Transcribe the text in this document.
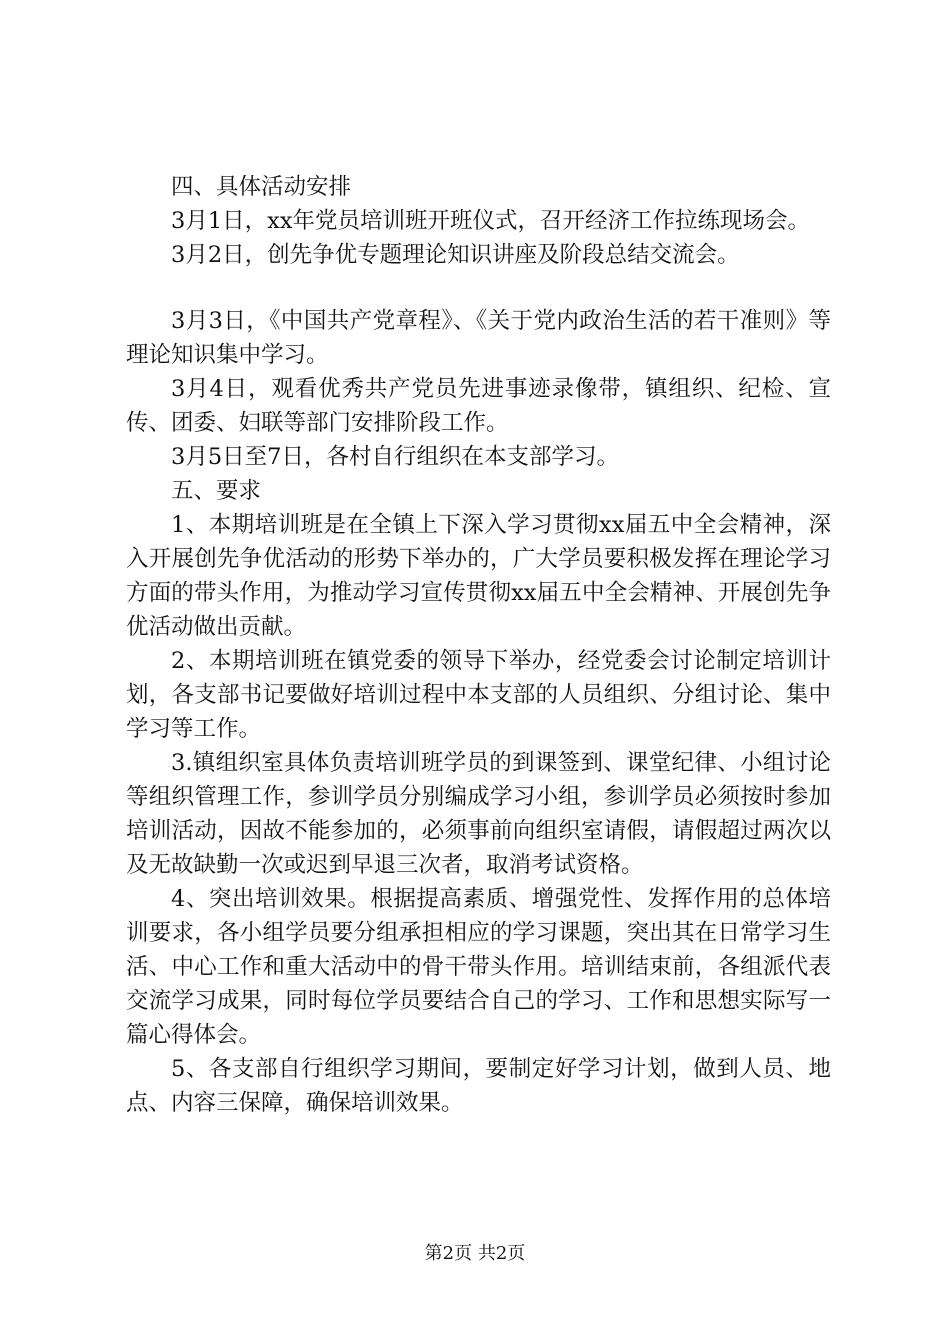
四、具体活动安排

3月1日，xx年党员培训班开班仪式，召开经济工作拉练现场会。

3月2日，创先争优专题理论知识讲座及阶段总结交流会。

3月3日，《中国共产党章程》、《关于党内政治生活的若干准则》等理论知识集中学习。

3月4日，观看优秀共产党员先进事迹录像带，镇组织、纪检、宣传、团委、妇联等部门安排阶段工作。

3月5日至7日，各村自行组织在本支部学习。

五、要求

1、本期培训班是在全镇上下深入学习贯彻xx届五中全会精神，深入开展创先争优活动的形势下举办的，广大学员要积极发挥在理论学习方面的带头作用，为推动学习宣传贯彻xx届五中全会精神、开展创先争优活动做出贡献。

2、本期培训班在镇党委的领导下举办，经党委会讨论制定培训计划，各支部书记要做好培训过程中本支部的人员组织、分组讨论、集中学习等工作。

3.镇组织室具体负责培训班学员的到课签到、课堂纪律、小组讨论等组织管理工作，参训学员分别编成学习小组，参训学员必须按时参加培训活动，因故不能参加的，必须事前向组织室请假，请假超过两次以及无故缺勤一次或迟到早退三次者，取消考试资格。

4、突出培训效果。根据提高素质、增强党性、发挥作用的总体培训要求，各小组学员要分组承担相应的学习课题，突出其在日常学习生活、中心工作和重大活动中的骨干带头作用。培训结束前，各组派代表交流学习成果，同时每位学员要结合自己的学习、工作和思想实际写一篇心得体会。

5、各支部自行组织学习期间，要制定好学习计划，做到人员、地点、内容三保障，确保培训效果。

第2页 共2页
